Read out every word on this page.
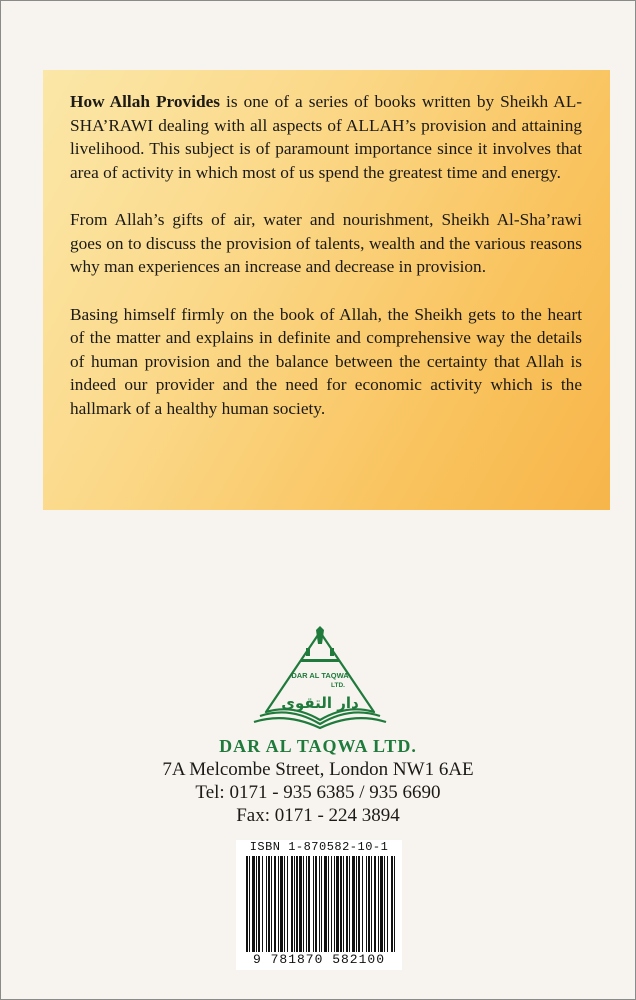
How Allah Provides is one of a series of books written by Sheikh AL-SHA’RAWI dealing with all aspects of ALLAH’s provision and attaining livelihood. This subject is of paramount importance since it involves that area of activity in which most of us spend the greatest time and energy.

From Allah’s gifts of air, water and nourishment, Sheikh Al-Sha’rawi goes on to discuss the provision of talents, wealth and the various reasons why man experiences an increase and decrease in provision.

Basing himself firmly on the book of Allah, the Sheikh gets to the heart of the matter and explains in definite and comprehensive way the details of human provision and the balance between the certainty that Allah is indeed our provider and the need for economic activity which is the hallmark of a healthy human society.

DAR AL TAQWA
LTD.
دار التقوى
DAR AL TAQWA LTD.
7A Melcombe Street, London NW1 6AE
Tel: 0171 - 935 6385 / 935 6690
Fax: 0171 - 224 3894
ISBN 1-870582-10-1
9 781870 582100
